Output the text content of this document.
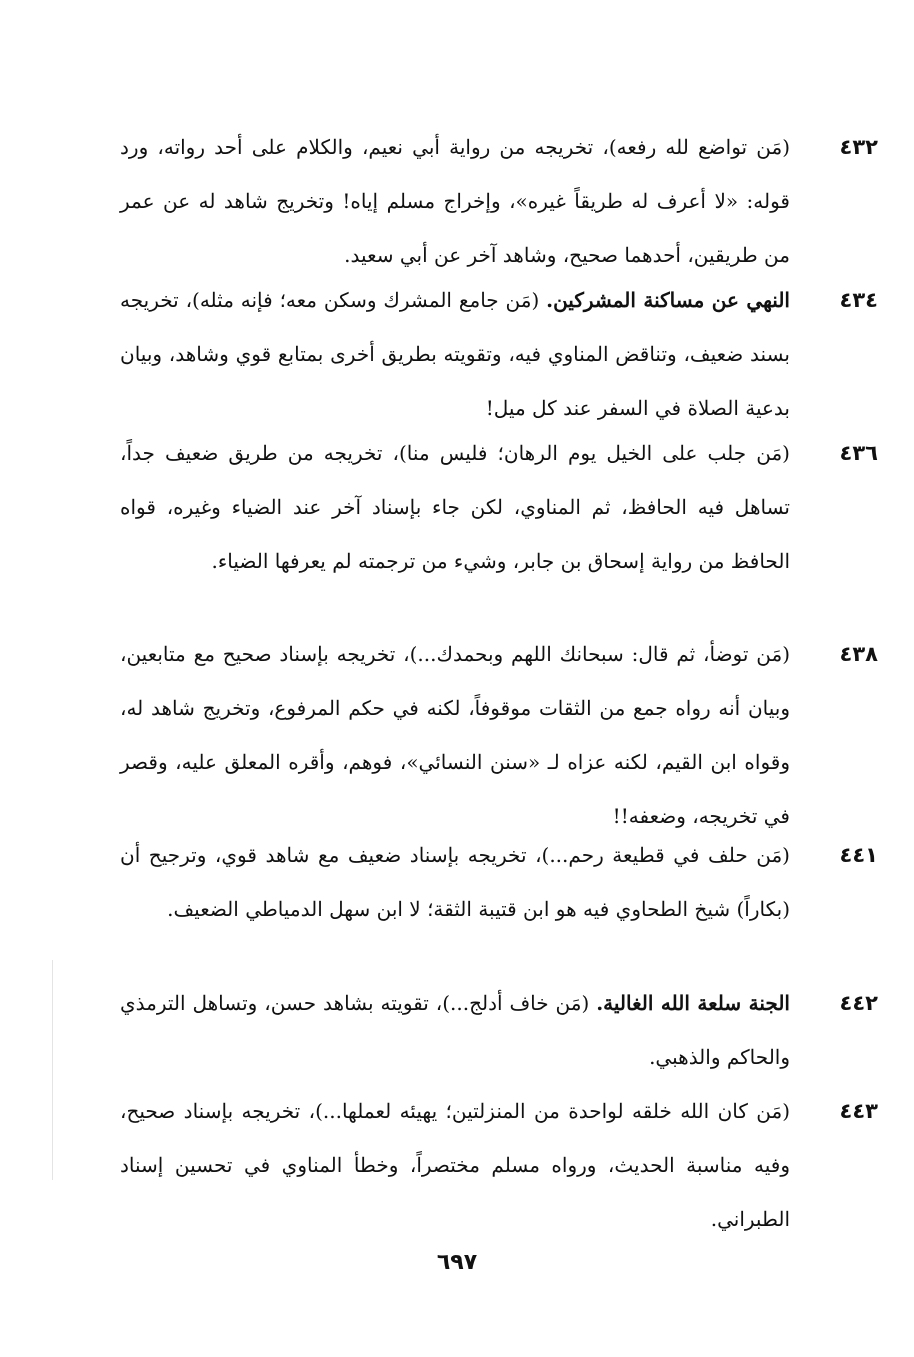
٤٣٢
(مَن تواضع لله رفعه)، تخريجه من رواية أبي نعيم، والكلام على أحد رواته، ورد قوله: «لا أعرف له طريقاً غيره»، وإخراج مسلم إياه! وتخريج شاهد له عن عمر من طريقين، أحدهما صحيح، وشاهد آخر عن أبي سعيد.
٤٣٤
النهي عن مساكنة المشركين. (مَن جامع المشرك وسكن معه؛ فإنه مثله)، تخريجه بسند ضعيف، وتناقض المناوي فيه، وتقويته بطريق أخرى بمتابع قوي وشاهد، وبيان بدعية الصلاة في السفر عند كل ميل!
٤٣٦
(مَن جلب على الخيل يوم الرهان؛ فليس منا)، تخريجه من طريق ضعيف جداً، تساهل فيه الحافظ، ثم المناوي، لكن جاء بإسناد آخر عند الضياء وغيره، قواه الحافظ من رواية إسحاق بن جابر، وشيء من ترجمته لم يعرفها الضياء.
٤٣٨
(مَن توضأ، ثم قال: سبحانك اللهم وبحمدك...)، تخريجه بإسناد صحيح مع متابعين، وبيان أنه رواه جمع من الثقات موقوفاً، لكنه في حكم المرفوع، وتخريج شاهد له، وقواه ابن القيم، لكنه عزاه لـ «سنن النسائي»، فوهم، وأقره المعلق عليه، وقصر في تخريجه، وضعفه!!
٤٤١
(مَن حلف في قطيعة رحم...)، تخريجه بإسناد ضعيف مع شاهد قوي، وترجيح أن (بكاراً) شيخ الطحاوي فيه هو ابن قتيبة الثقة؛ لا ابن سهل الدمياطي الضعيف.
٤٤٢
الجنة سلعة الله الغالية. (مَن خاف أدلج...)، تقويته بشاهد حسن، وتساهل الترمذي والحاكم والذهبي.
٤٤٣
(مَن كان الله خلقه لواحدة من المنزلتين؛ يهيئه لعملها...)، تخريجه بإسناد صحيح، وفيه مناسبة الحديث، ورواه مسلم مختصراً، وخطأ المناوي في تحسين إسناد الطبراني.
٦٩٧
